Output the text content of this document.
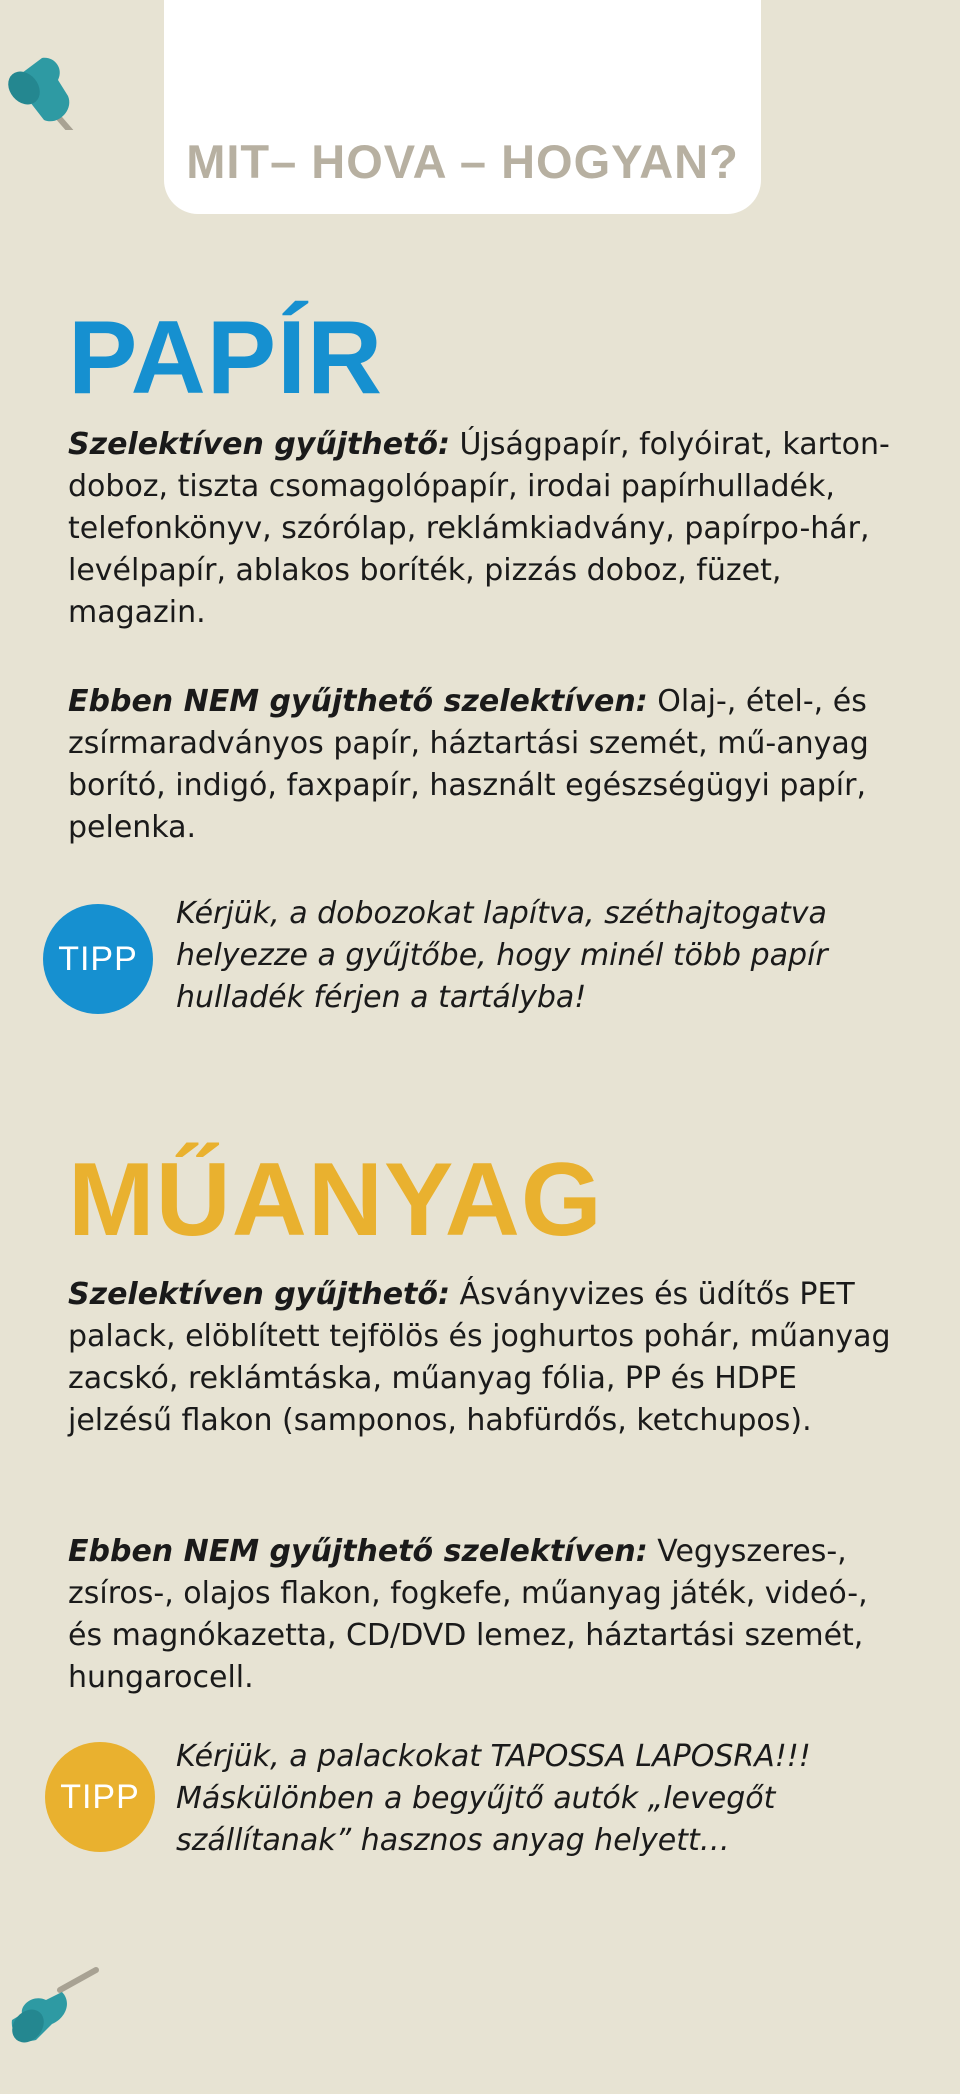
MIT– HOVA – HOGYAN?
PAPÍR

Szelektíven gyűjthető: Újságpapír, folyóirat, karton-doboz, tiszta csomagolópapír, irodai papírhulladék, telefonkönyv, szórólap, reklámkiadvány, papírpo-hár, levélpapír, ablakos boríték, pizzás doboz, füzet, magazin.

Ebben NEM gyűjthető szelektíven: Olaj-, étel-, és zsírmaradványos papír, háztartási szemét, mű-anyag borító, indigó, faxpapír, használt egészségügyi papír, pelenka.

TIPP

Kérjük, a dobozokat lapítva, széthajtogatva helyezze a gyűjtőbe, hogy minél több papír hulladék férjen a tartályba!

MŰANYAG

Szelektíven gyűjthető: Ásványvizes és üdítős PET palack, elöblített tejfölös és joghurtos pohár, műanyag zacskó, reklámtáska, műanyag fólia, PP és HDPE jelzésű flakon (samponos, habfürdős, ketchupos).

Ebben NEM gyűjthető szelektíven: Vegyszeres-, zsíros-, olajos flakon, fogkefe, műanyag játék, videó-, és magnókazetta, CD/DVD lemez, háztartási szemét, hungarocell.

TIPP

Kérjük, a palackokat TAPOSSA LAPOSRA!!! Máskülönben a begyűjtő autók „levegőt szállítanak” hasznos anyag helyett…
